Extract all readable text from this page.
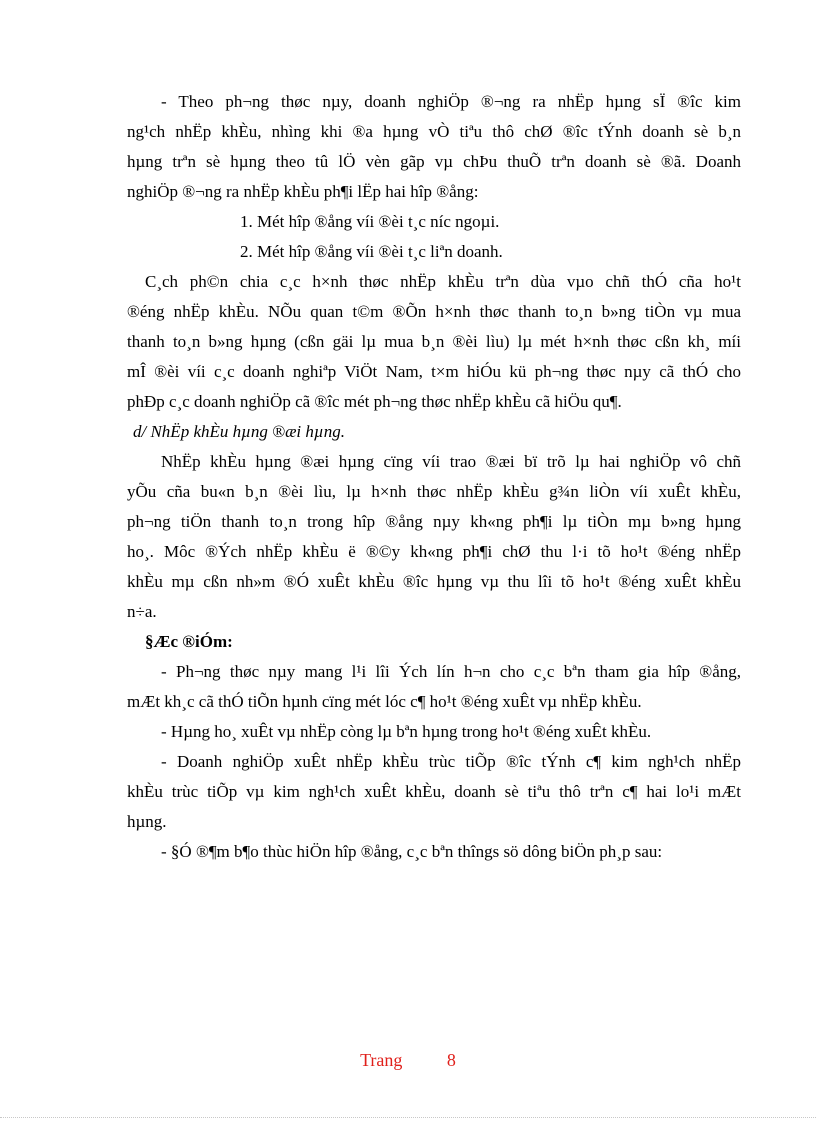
- Theo ph¬ng thøc nµy, doanh nghiÖp ®¬ng ra nhËp hµng sÏ ®îc kim
ng¹ch nhËp khÈu, nhìng khi ®a hµng vÒ tiªu thô chØ ®îc tÝnh doanh sè b¸n
hµng trªn sè hµng theo tû lÖ vèn gãp vµ chÞu thuÕ trªn doanh sè ®ã. Doanh
nghiÖp ®¬ng ra nhËp khÈu ph¶i lËp hai hîp ®ång:
1. Mét hîp ®ång víi ®èi t¸c níc ngoµi.
2. Mét hîp ®ång víi ®èi t¸c liªn doanh.
C¸ch ph©n chia c¸c h×nh thøc nhËp khÈu trªn dùa vµo chñ thÓ cña ho¹t
®éng nhËp khÈu. NÕu quan t©m ®Õn h×nh thøc thanh to¸n b»ng tiÒn vµ mua
thanh to¸n b»ng hµng (cßn gäi lµ mua b¸n ®èi lìu) lµ mét h×nh thøc cßn kh¸ míi
mÎ ®èi víi c¸c doanh nghiªp ViÖt Nam, t×m hiÓu kü ph¬ng thøc nµy cã thÓ cho
phÐp c¸c doanh nghiÖp cã ®îc mét ph¬ng thøc nhËp khÈu cã hiÖu qu¶.
d/ NhËp khÈu hµng ®æi hµng.
NhËp khÈu hµng ®æi hµng cïng víi trao ®æi bï trõ lµ hai nghiÖp vô chñ
yÕu cña bu«n b¸n ®èi lìu, lµ h×nh thøc nhËp khÈu g¾n liÒn víi xuÊt khÈu,
ph¬ng tiÖn thanh to¸n trong hîp ®ång nµy kh«ng ph¶i lµ tiÒn mµ b»ng hµng
ho¸. Môc ®Ých nhËp khÈu ë ®©y kh«ng ph¶i chØ thu l·i tõ ho¹t ®éng nhËp
khÈu mµ cßn nh»m ®Ó xuÊt khÈu ®îc hµng vµ thu lîi tõ ho¹t ®éng xuÊt khÈu
n÷a.
§Æc ®iÓm:
- Ph¬ng thøc nµy mang l¹i lîi Ých lín h¬n cho c¸c bªn tham gia hîp ®ång,
mÆt kh¸c cã thÓ tiÕn hµnh cïng mét lóc c¶ ho¹t ®éng xuÊt vµ nhËp khÈu.
- Hµng ho¸ xuÊt vµ nhËp còng lµ bªn hµng trong ho¹t ®éng xuÊt khÈu.
- Doanh nghiÖp xuÊt nhËp khÈu trùc tiÕp ®îc tÝnh c¶ kim ngh¹ch nhËp
khÈu trùc tiÕp vµ kim ngh¹ch xuÊt khÈu, doanh sè tiªu thô trªn c¶ hai lo¹i mÆt
hµng.
- §Ó ®¶m b¶o thùc hiÖn hîp ®ång, c¸c bªn thîngs sö dông biÖn ph¸p sau:
Trang 8
